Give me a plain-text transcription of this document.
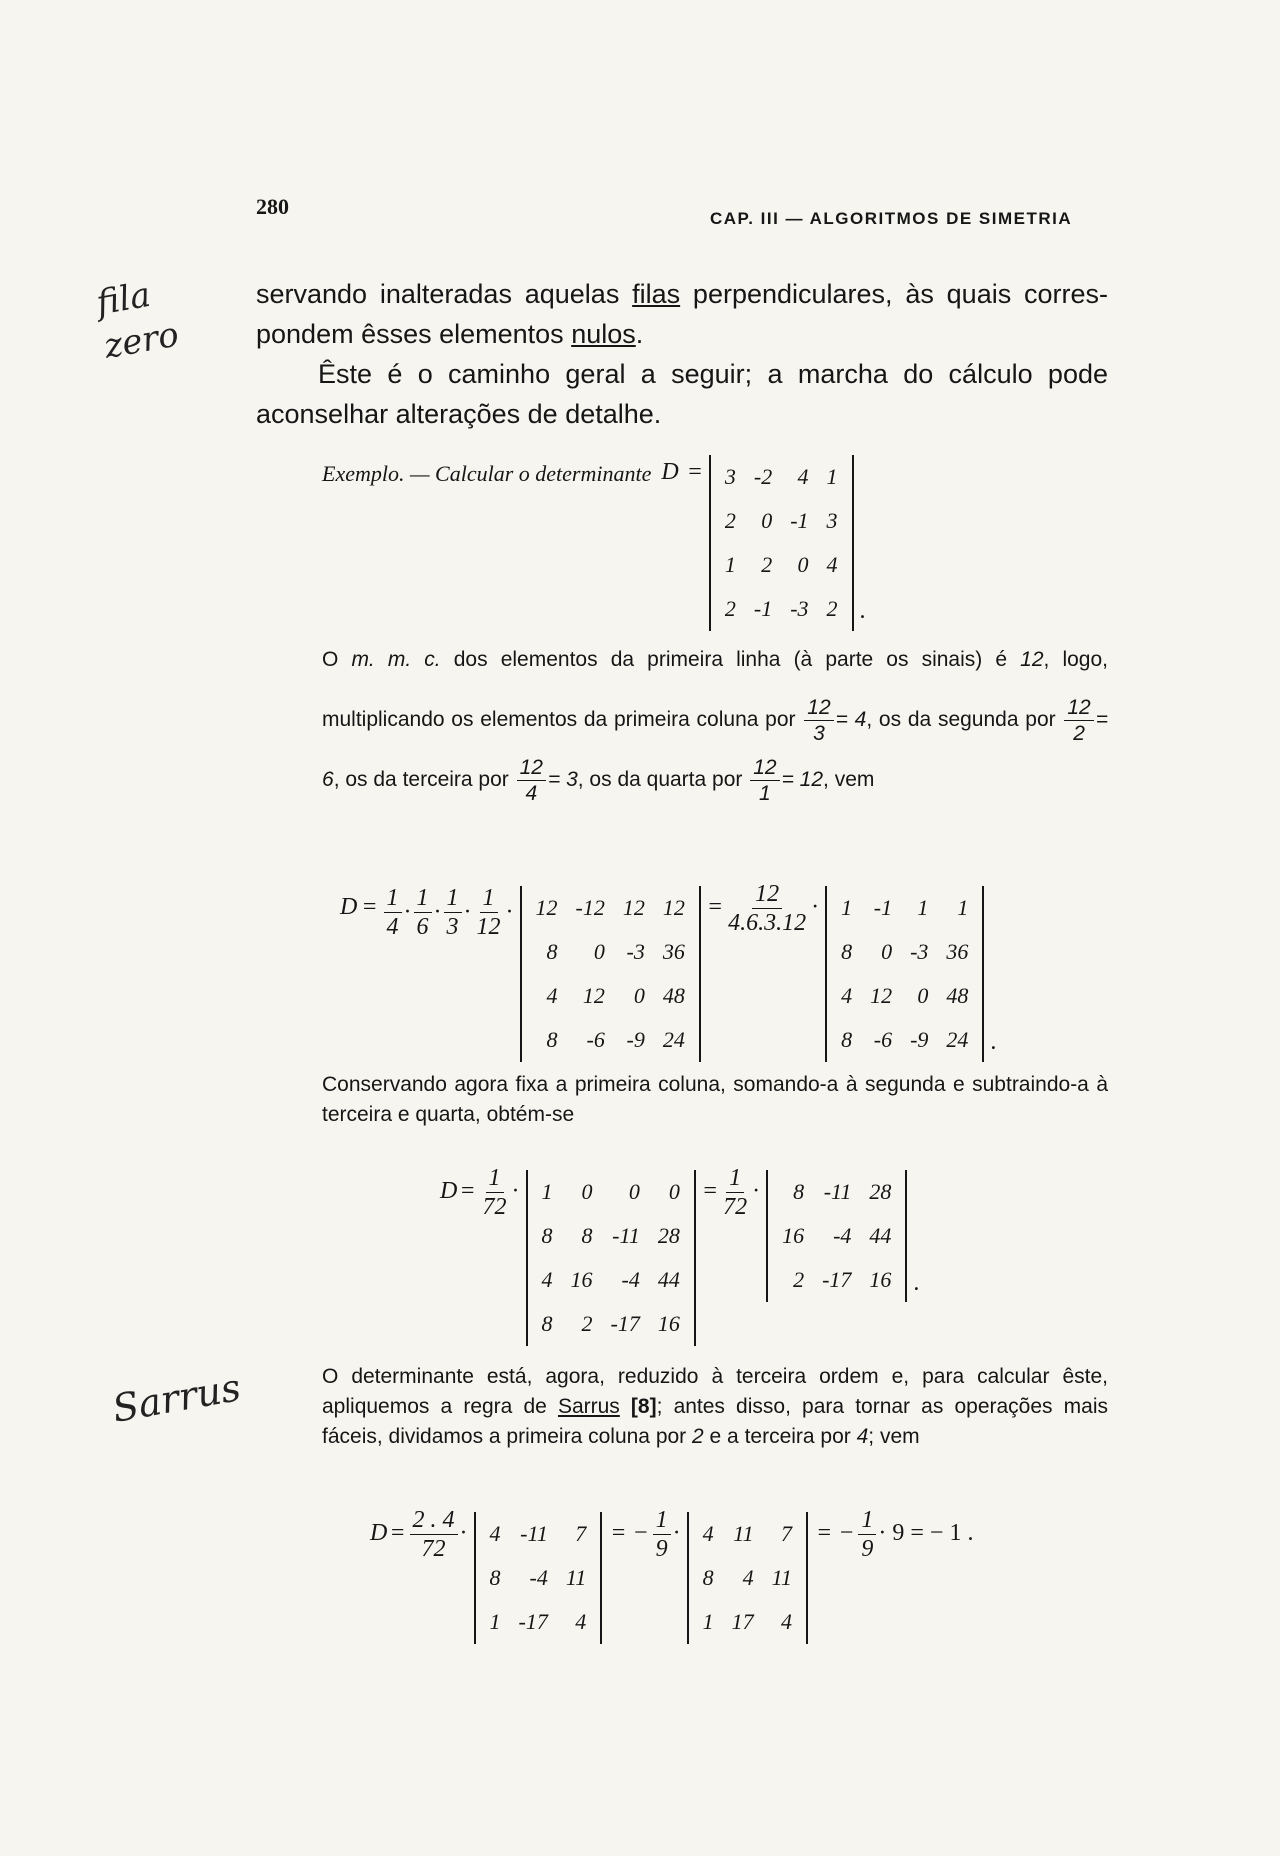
280	CAP. III — ALGORITMOS DE SIMETRIA
fila zero
Sarrus

servando inalteradas aquelas filas perpendiculares, às quais corres-

pondem êsses elementos nulos.

Êste é o caminho geral a seguir; a marcha do cálculo pode aconselhar alterações de detalhe.

Exemplo. — Calcular o determinante D = 3	-2	4	1
2	0	-1	3
1	2	0	4
2	-1	-3	2 .
O m. m. c. dos elementos da primeira linha (à parte os sinais) é 12, logo, multiplicando os elementos da primeira coluna por $\frac{12}{3} = 4$, os da segunda por $\frac{12}{2} = 6$, os da terceira por $\frac{12}{4} = 3$, os da quarta por $\frac{12}{1} = 12$, vem
$D = \frac{1}{4} \cdot \frac{1}{6} \cdot \frac{1}{3} \cdot \frac{1}{12} \cdot 12$	-12	12	12
8	0	-3	36
4	12	0	48
8	-6	-9	24
= $\frac{12}{4.6.3.12} \cdot 1$	-1	1	1
8	0	-3	36
4	12	0	48
8	-6	-9	24 .
Conservando agora fixa a primeira coluna, somando-a à segunda e subtraindo-a à terceira e quarta, obtém-se
$D = \frac{1}{72} \cdot 1$	0	0	0
8	8	-11	28
4	16	-4	44
8	2	-17	16
= $\frac{1}{72} \cdot 8$	-11	28
16	-4	44
2	-17	16 .
O determinante está, agora, reduzido à terceira ordem e, para calcular êste, apliquemos a regra de Sarrus [8]; antes disso, para tornar as operações mais fáceis, dividamos a primeira coluna por 2 e a terceira por 4; vem
$D = \frac{2 . 4}{72} \cdot 4$	-11	7
8	-4	11
1	-17	4
= − $\frac{1}{9} \cdot 4$	11	7
8	4	11
1	17	4
= − $\frac{1}{9} \cdot 9$ = − 1 .
